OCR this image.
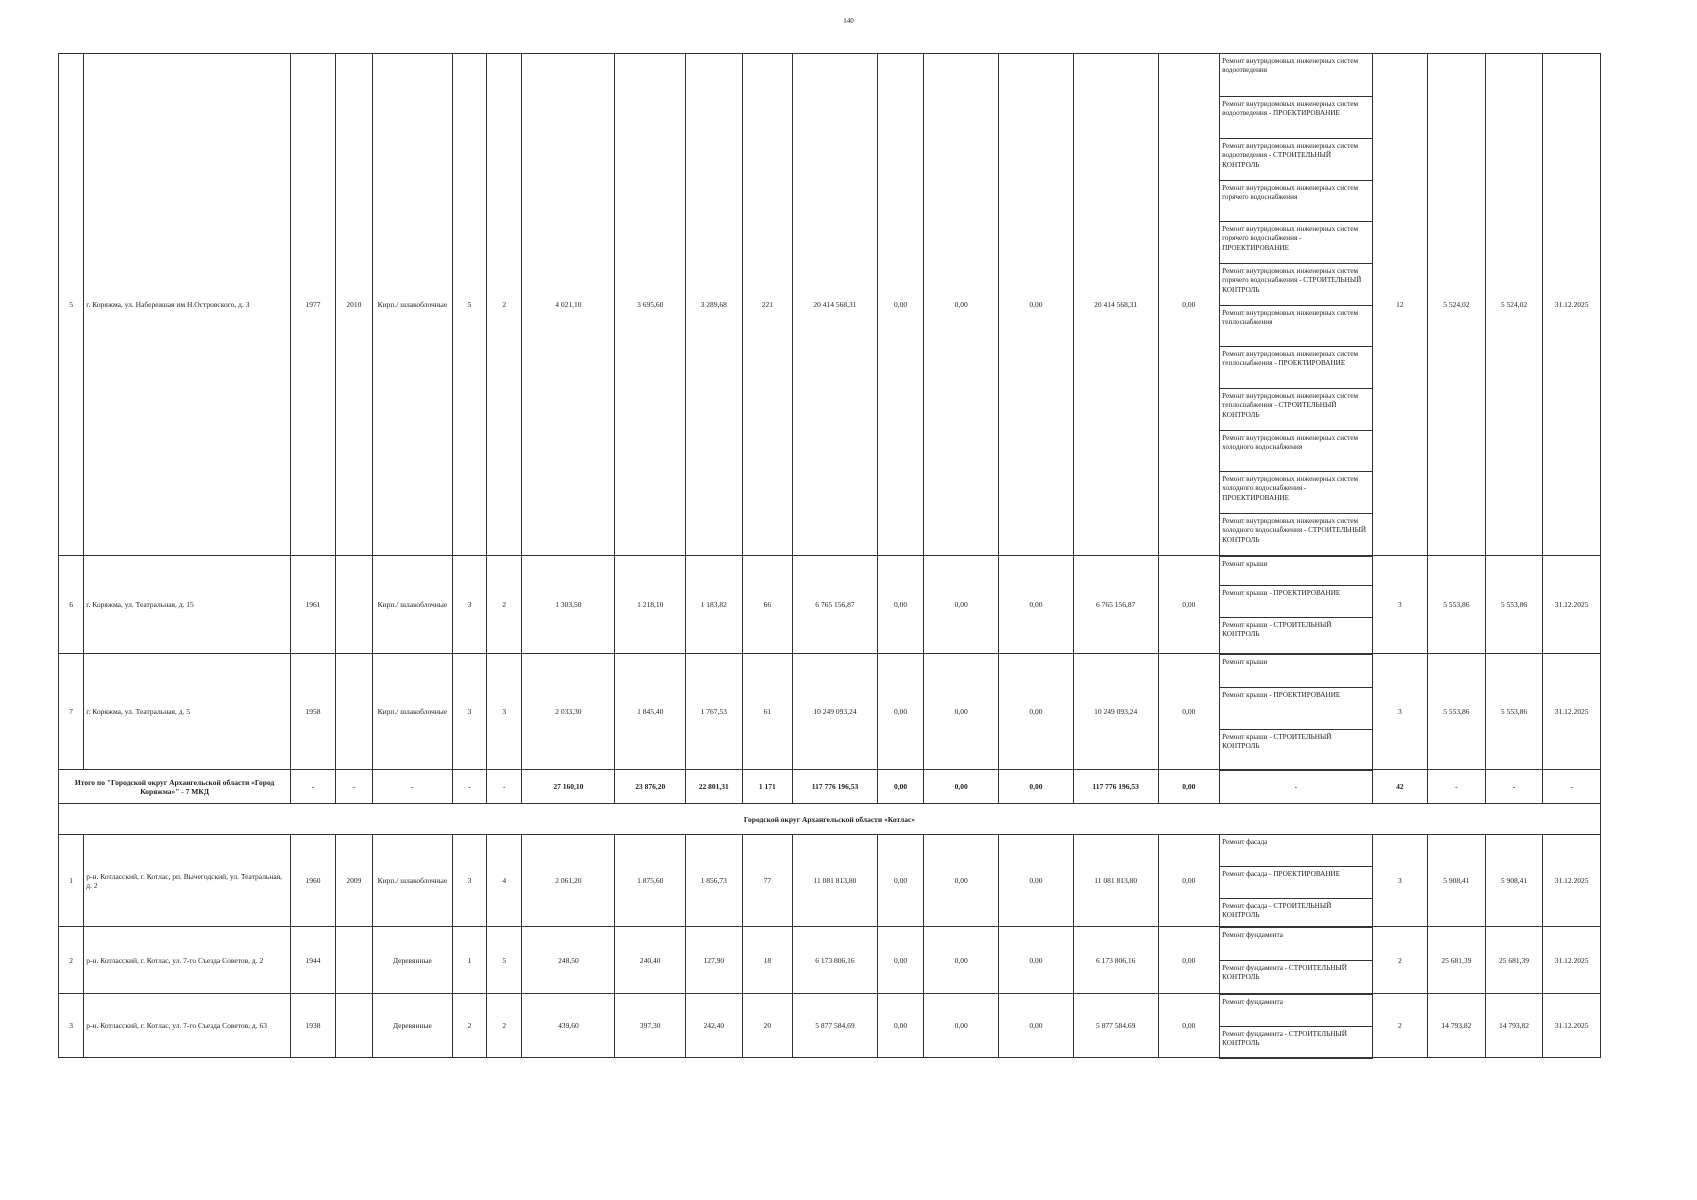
140
5	г. Коряжма, ул. Набережная им Н.Островского, д. 3	1977	2010	Кирп./ шлакоблочные	5	2	4 021,10	3 695,60	3 289,68	221	20 414 568,31	0,00	0,00	0,00	20 414 568,31	0,00	Ремонт внутридомовых инженерных систем водоотведения	12	5 524,02	5 524,02	31.12.2025
																	Ремонт внутридомовых инженерных систем водоотведения - ПРОЕКТИРОВАНИЕ				
																	Ремонт внутридомовых инженерных систем водоотведения - СТРОИТЕЛЬНЫЙ КОНТРОЛЬ				
																	Ремонт внутридомовых инженерных систем горячего водоснабжения				
																	Ремонт внутридомовых инженерных систем горячего водоснабжения - ПРОЕКТИРОВАНИЕ				
																	Ремонт внутридомовых инженерных систем горячего водоснабжения - СТРОИТЕЛЬНЫЙ КОНТРОЛЬ				
																	Ремонт внутридомовых инженерных систем теплоснабжения				
																	Ремонт внутридомовых инженерных систем теплоснабжения - ПРОЕКТИРОВАНИЕ				
																	Ремонт внутридомовых инженерных систем теплоснабжения - СТРОИТЕЛЬНЫЙ КОНТРОЛЬ				
																	Ремонт внутридомовых инженерных систем холодного водоснабжения				
																	Ремонт внутридомовых инженерных систем холодного водоснабжения - ПРОЕКТИРОВАНИЕ				
																	Ремонт внутридомовых инженерных систем холодного водоснабжения - СТРОИТЕЛЬНЫЙ КОНТРОЛЬ				
6	г. Коряжма, ул. Театральная, д. 15	1961		Кирп./ шлакоблочные	3	2	1 303,50	1 218,10	1 183,82	66	6 765 156,87	0,00	0,00	0,00	6 765 156,87	0,00	Ремонт крыши	3	5 553,86	5 553,86	31.12.2025
																	Ремонт крыши - ПРОЕКТИРОВАНИЕ				
																	Ремонт крыши - СТРОИТЕЛЬНЫЙ КОНТРОЛЬ				
7	г. Коряжма, ул. Театральная, д. 5	1958		Кирп./ шлакоблочные	3	3	2 033,30	1 845,40	1 767,53	61	10 249 093,24	0,00	0,00	0,00	10 249 093,24	0,00	Ремонт крыши	3	5 553,86	5 553,86	31.12.2025
																	Ремонт крыши - ПРОЕКТИРОВАНИЕ				
																	Ремонт крыши - СТРОИТЕЛЬНЫЙ КОНТРОЛЬ				
Итого по "Городской округ Архангельской области «Город Коряжма»" - 7 МКД		-	-	-	-	-	27 160,10	23 876,20	22 801,31	1 171	117 776 196,53	0,00	0,00	0,00	117 776 196,53	0,00	-	42	-	-	-
Городской округ Архангельской области «Котлас»																					
1	р-н. Котласский, г. Котлас, рп. Вычегодский, ул. Театральная, д. 2	1960	2009	Кирп./ шлакоблочные	3	4	2 061,20	1 875,60	1 856,73	77	11 081 813,80	0,00	0,00	0,00	11 081 813,80	0,00	Ремонт фасада	3	5 908,41	5 908,41	31.12.2025
																	Ремонт фасада - ПРОЕКТИРОВАНИЕ				
																	Ремонт фасада - СТРОИТЕЛЬНЫЙ КОНТРОЛЬ				
2	р-н. Котласский, г. Котлас, ул. 7-го Съезда Советов, д. 2	1944		Деревянные	1	5	248,50	240,40	127,90	18	6 173 806,16	0,00	0,00	0,00	6 173 806,16	0,00	Ремонт фундамента	2	25 681,39	25 681,39	31.12.2025
																	Ремонт фундамента - СТРОИТЕЛЬНЫЙ КОНТРОЛЬ				
3	р-н. Котласский, г. Котлас, ул. 7-го Съезда Советов, д. 63	1938		Деревянные	2	2	439,60	397,30	242,40	20	5 877 584,69	0,00	0,00	0,00	5 877 584,69	0,00	Ремонт фундамента	2	14 793,82	14 793,82	31.12.2025
																	Ремонт фундамента - СТРОИТЕЛЬНЫЙ КОНТРОЛЬ				
